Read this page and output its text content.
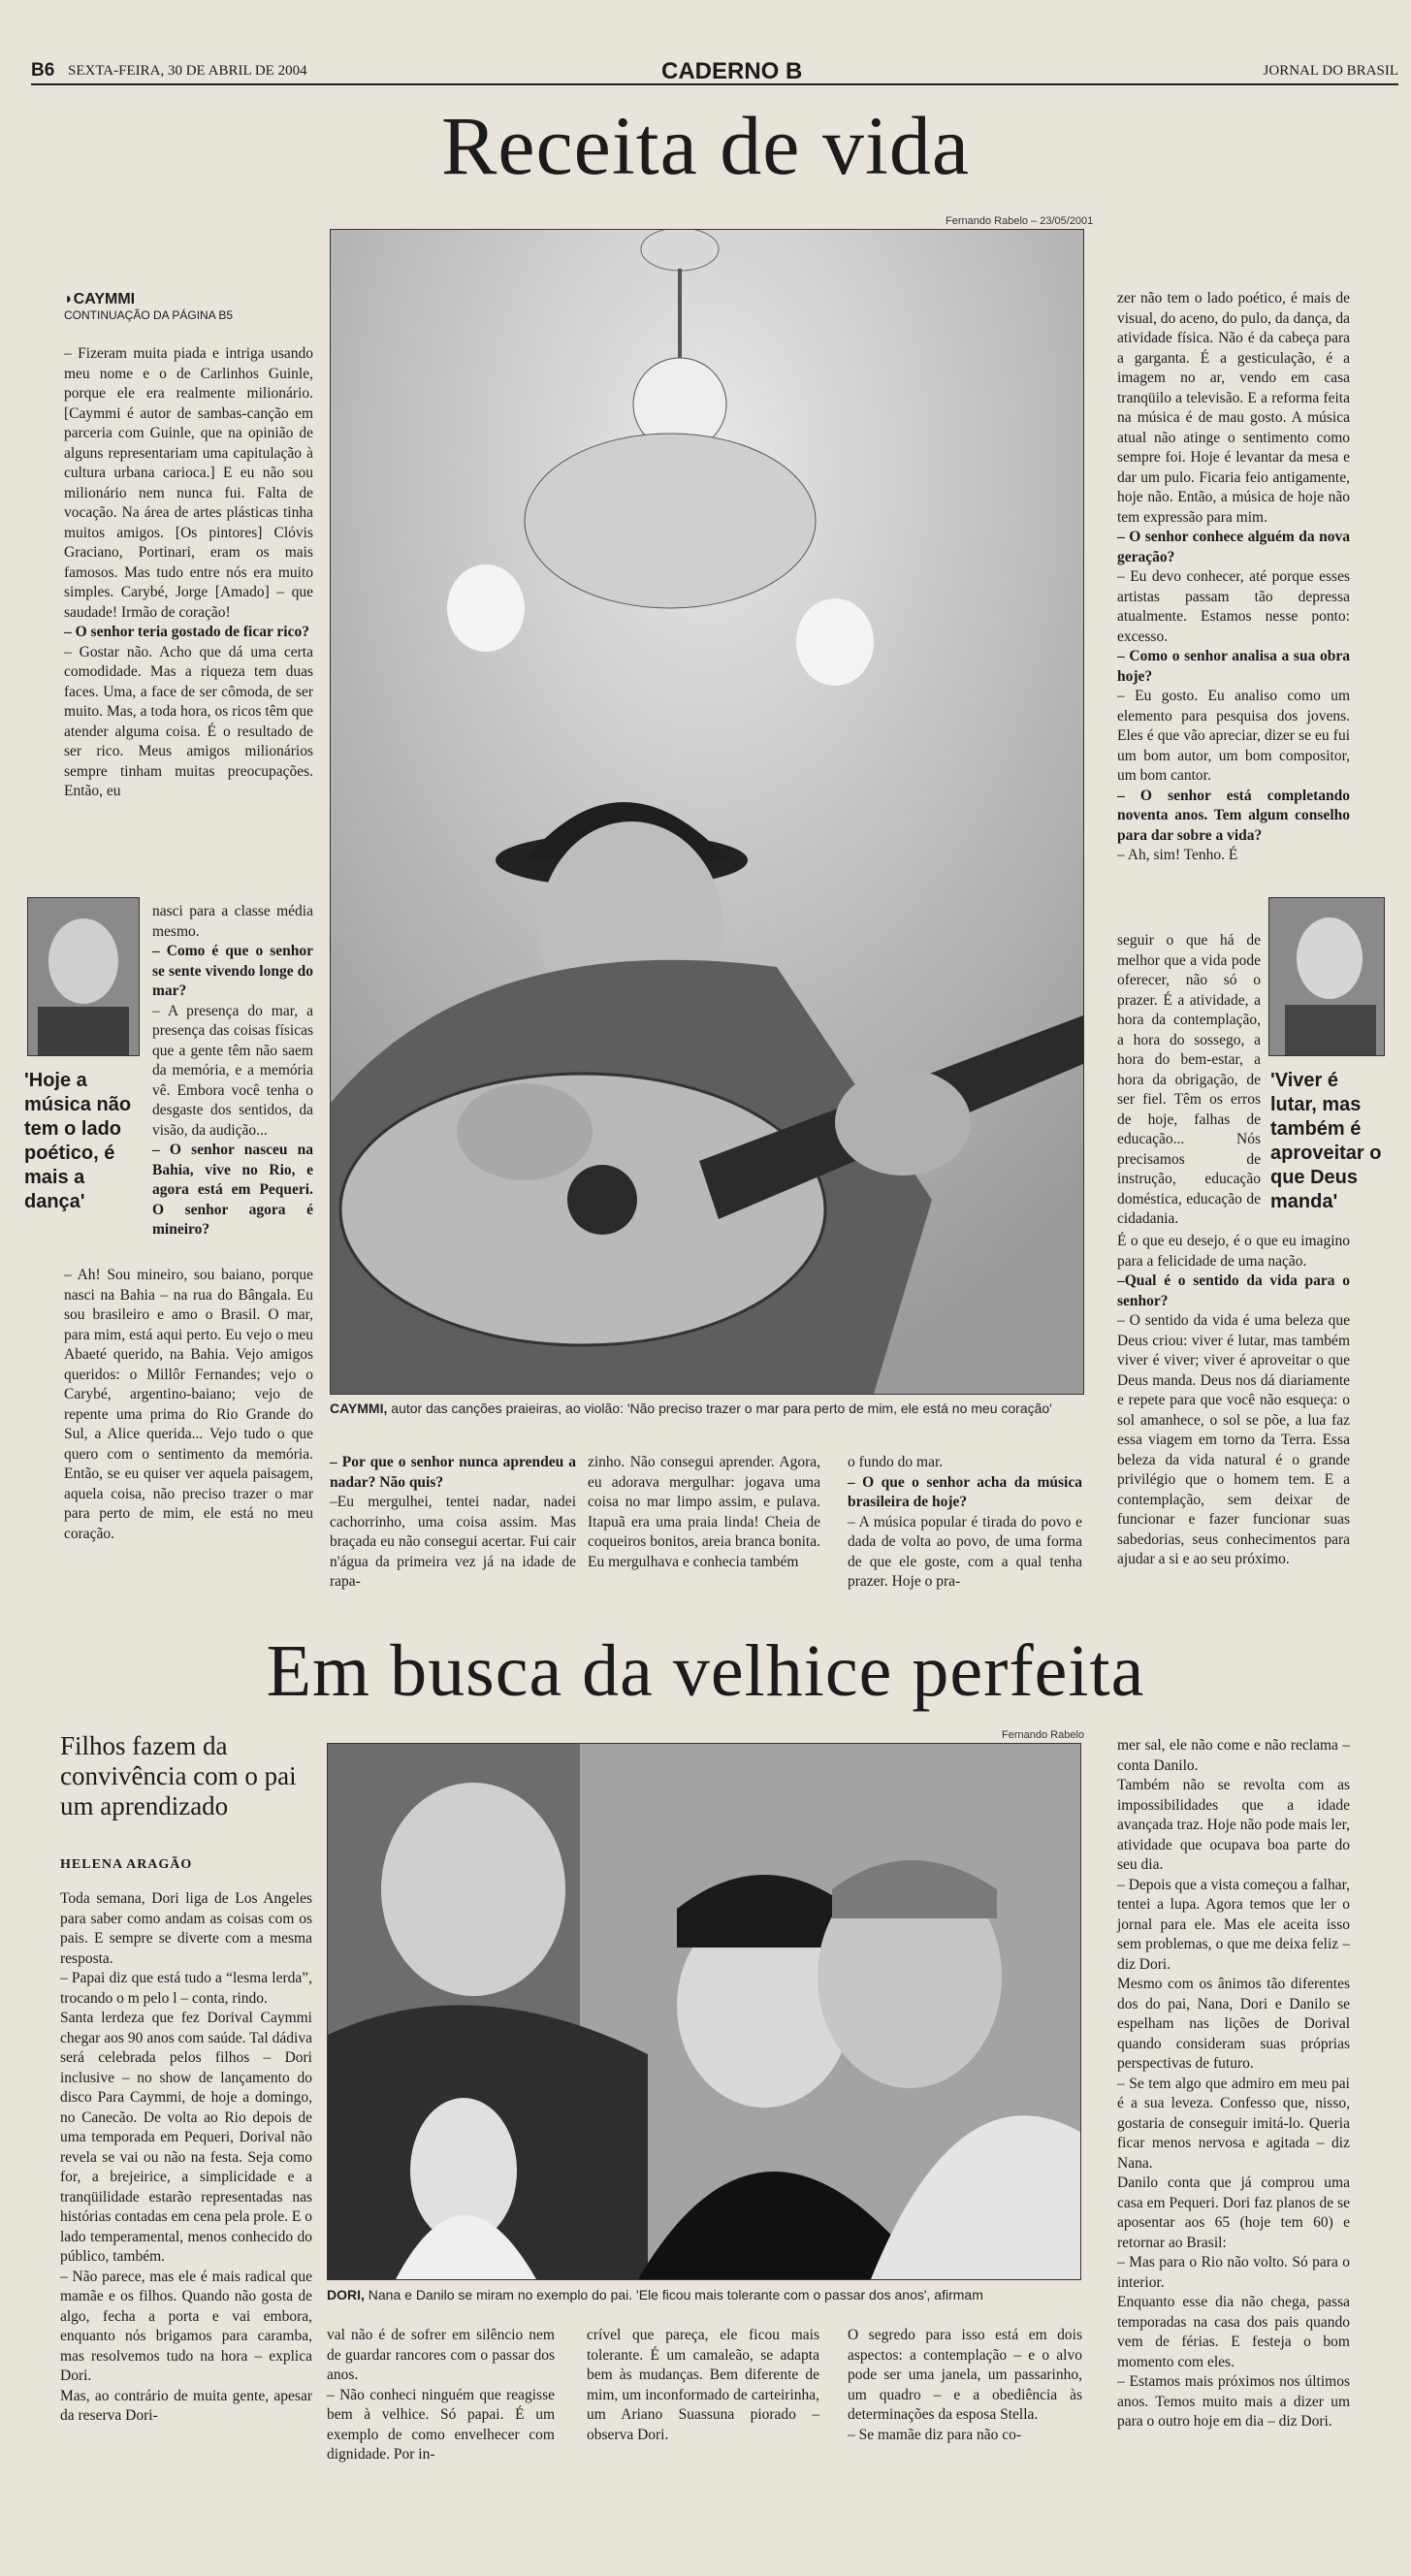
B6 SEXTA-FEIRA, 30 DE ABRIL DE 2004	CADERNO B	JORNAL DO BRASIL
Receita de vida
Fernando Rabelo – 23/05/2001
CAYMMI, autor das canções praieiras, ao violão: 'Não preciso trazer o mar para perto de mim, ele está no meu coração'
◗CAYMMI
CONTINUAÇÃO DA PÁGINA B5

– Fizeram muita piada e intriga usando meu nome e o de Carlinhos Guinle, porque ele era realmente milionário. [Caymmi é autor de sambas-canção em parceria com Guinle, que na opinião de alguns representariam uma capitulação à cultura urbana carioca.] E eu não sou milionário nem nunca fui. Falta de vocação. Na área de artes plásticas tinha muitos amigos. [Os pintores] Clóvis Graciano, Portinari, eram os mais famosos. Mas tudo entre nós era muito simples. Carybé, Jorge [Amado] – que saudade! Irmão de coração!

– O senhor teria gostado de ficar rico?

– Gostar não. Acho que dá uma certa comodidade. Mas a riqueza tem duas faces. Uma, a face de ser cômoda, de ser muito. Mas, a toda hora, os ricos têm que atender alguma coisa. É o resultado de ser rico. Meus amigos milionários sempre tinham muitas preocupações. Então, eu

nasci para a classe média mesmo.

– Como é que o senhor se sente vivendo longe do mar?

– A presença do mar, a presença das coisas físicas que a gente têm não saem da memória, e a memória vê. Embora você tenha o desgaste dos sentidos, da visão, da audição...

– O senhor nasceu na Bahia, vive no Rio, e agora está em Pequeri. O senhor agora é mineiro?

'Hoje a música não tem o lado poético, é mais a dança'

– Ah! Sou mineiro, sou baiano, porque nasci na Bahia – na rua do Bângala. Eu sou brasileiro e amo o Brasil. O mar, para mim, está aqui perto. Eu vejo o meu Abaeté querido, na Bahia. Vejo amigos queridos: o Millôr Fernandes; vejo o Carybé, argentino-baiano; vejo de repente uma prima do Rio Grande do Sul, a Alice querida... Vejo tudo o que quero com o sentimento da memória. Então, se eu quiser ver aquela paisagem, aquela coisa, não preciso trazer o mar para perto de mim, ele está no meu coração.

– Por que o senhor nunca aprendeu a nadar? Não quis?

–Eu mergulhei, tentei nadar, nadei cachorrinho, uma coisa assim. Mas braçada eu não consegui acertar. Fui cair n'água da primeira vez já na idade de rapa-

zinho. Não consegui aprender. Agora, eu adorava mergulhar: jogava uma coisa no mar limpo assim, e pulava. Itapuã era uma praia linda! Cheia de coqueiros bonitos, areia branca bonita. Eu mergulhava e conhecia também

o fundo do mar.

– O que o senhor acha da música brasileira de hoje?

– A música popular é tirada do povo e dada de volta ao povo, de uma forma de que ele goste, com a qual tenha prazer. Hoje o pra-

zer não tem o lado poético, é mais de visual, do aceno, do pulo, da dança, da atividade física. Não é da cabeça para a garganta. É a gesticulação, é a imagem no ar, vendo em casa tranqüilo a televisão. E a reforma feita na música é de mau gosto. A música atual não atinge o sentimento como sempre foi. Hoje é levantar da mesa e dar um pulo. Ficaria feio antigamente, hoje não. Então, a música de hoje não tem expressão para mim.

– O senhor conhece alguém da nova geração?

– Eu devo conhecer, até porque esses artistas passam tão depressa atualmente. Estamos nesse ponto: excesso.

– Como o senhor analisa a sua obra hoje?

– Eu gosto. Eu analiso como um elemento para pesquisa dos jovens. Eles é que vão apreciar, dizer se eu fui um bom autor, um bom compositor, um bom cantor.

– O senhor está completando noventa anos. Tem algum conselho para dar sobre a vida?

– Ah, sim! Tenho. É

seguir o que há de melhor que a vida pode oferecer, não só o prazer. É a atividade, a hora da contemplação, a hora do sossego, a hora do bem-estar, a hora da obrigação, de ser fiel. Têm os erros de hoje, falhas de educação... Nós precisamos de instrução, educação doméstica, educação de cidadania.

'Viver é lutar, mas também é aproveitar o que Deus manda'

É o que eu desejo, é o que eu imagino para a felicidade de uma nação.

–Qual é o sentido da vida para o senhor?

– O sentido da vida é uma beleza que Deus criou: viver é lutar, mas também viver é viver; viver é aproveitar o que Deus manda. Deus nos dá diariamente e repete para que você não esqueça: o sol amanhece, o sol se põe, a lua faz essa viagem em torno da Terra. Essa beleza da vida natural é o grande privilégio que o homem tem. E a contemplação, sem deixar de funcionar e fazer funcionar suas sabedorias, seus conhecimentos para ajudar a si e ao seu próximo.

Em busca da velhice perfeita
Filhos fazem da convivência com o pai um aprendizado
HELENA ARAGÃO
Fernando Rabelo
DORI, Nana e Danilo se miram no exemplo do pai. 'Ele ficou mais tolerante com o passar dos anos', afirmam
Toda semana, Dori liga de Los Angeles para saber como andam as coisas com os pais. E sempre se diverte com a mesma resposta.
– Papai diz que está tudo a “lesma lerda”, trocando o m pelo l – conta, rindo.
Santa lerdeza que fez Dorival Caymmi chegar aos 90 anos com saúde. Tal dádiva será celebrada pelos filhos – Dori inclusive – no show de lançamento do disco Para Caymmi, de hoje a domingo, no Canecão. De volta ao Rio depois de uma temporada em Pequeri, Dorival não revela se vai ou não na festa. Seja como for, a brejeirice, a simplicidade e a tranqüilidade estarão representadas nas histórias contadas em cena pela prole. E o lado temperamental, menos conhecido do público, também.
– Não parece, mas ele é mais radical que mamãe e os filhos. Quando não gosta de algo, fecha a porta e vai embora, enquanto nós brigamos para caramba, mas resolvemos tudo na hora – explica Dori.
Mas, ao contrário de muita gente, apesar da reserva Dori-
val não é de sofrer em silêncio nem de guardar rancores com o passar dos anos.
– Não conheci ninguém que reagisse bem à velhice. Só papai. É um exemplo de como envelhecer com dignidade. Por in-
crível que pareça, ele ficou mais tolerante. É um camaleão, se adapta bem às mudanças. Bem diferente de mim, um inconformado de carteirinha, um Ariano Suassuna piorado – observa Dori.
O segredo para isso está em dois aspectos: a contemplação – e o alvo pode ser uma janela, um passarinho, um quadro – e a obediência às determinações da esposa Stella.
– Se mamãe diz para não co-
mer sal, ele não come e não reclama – conta Danilo.
Também não se revolta com as impossibilidades que a idade avançada traz. Hoje não pode mais ler, atividade que ocupava boa parte do seu dia.
– Depois que a vista começou a falhar, tentei a lupa. Agora temos que ler o jornal para ele. Mas ele aceita isso sem problemas, o que me deixa feliz – diz Dori.
Mesmo com os ânimos tão diferentes dos do pai, Nana, Dori e Danilo se espelham nas lições de Dorival quando consideram suas próprias perspectivas de futuro.
– Se tem algo que admiro em meu pai é a sua leveza. Confesso que, nisso, gostaria de conseguir imitá-lo. Queria ficar menos nervosa e agitada – diz Nana.
Danilo conta que já comprou uma casa em Pequeri. Dori faz planos de se aposentar aos 65 (hoje tem 60) e retornar ao Brasil:
– Mas para o Rio não volto. Só para o interior.
Enquanto esse dia não chega, passa temporadas na casa dos pais quando vem de férias. E festeja o bom momento com eles.
– Estamos mais próximos nos últimos anos. Temos muito mais a dizer um para o outro hoje em dia – diz Dori.
